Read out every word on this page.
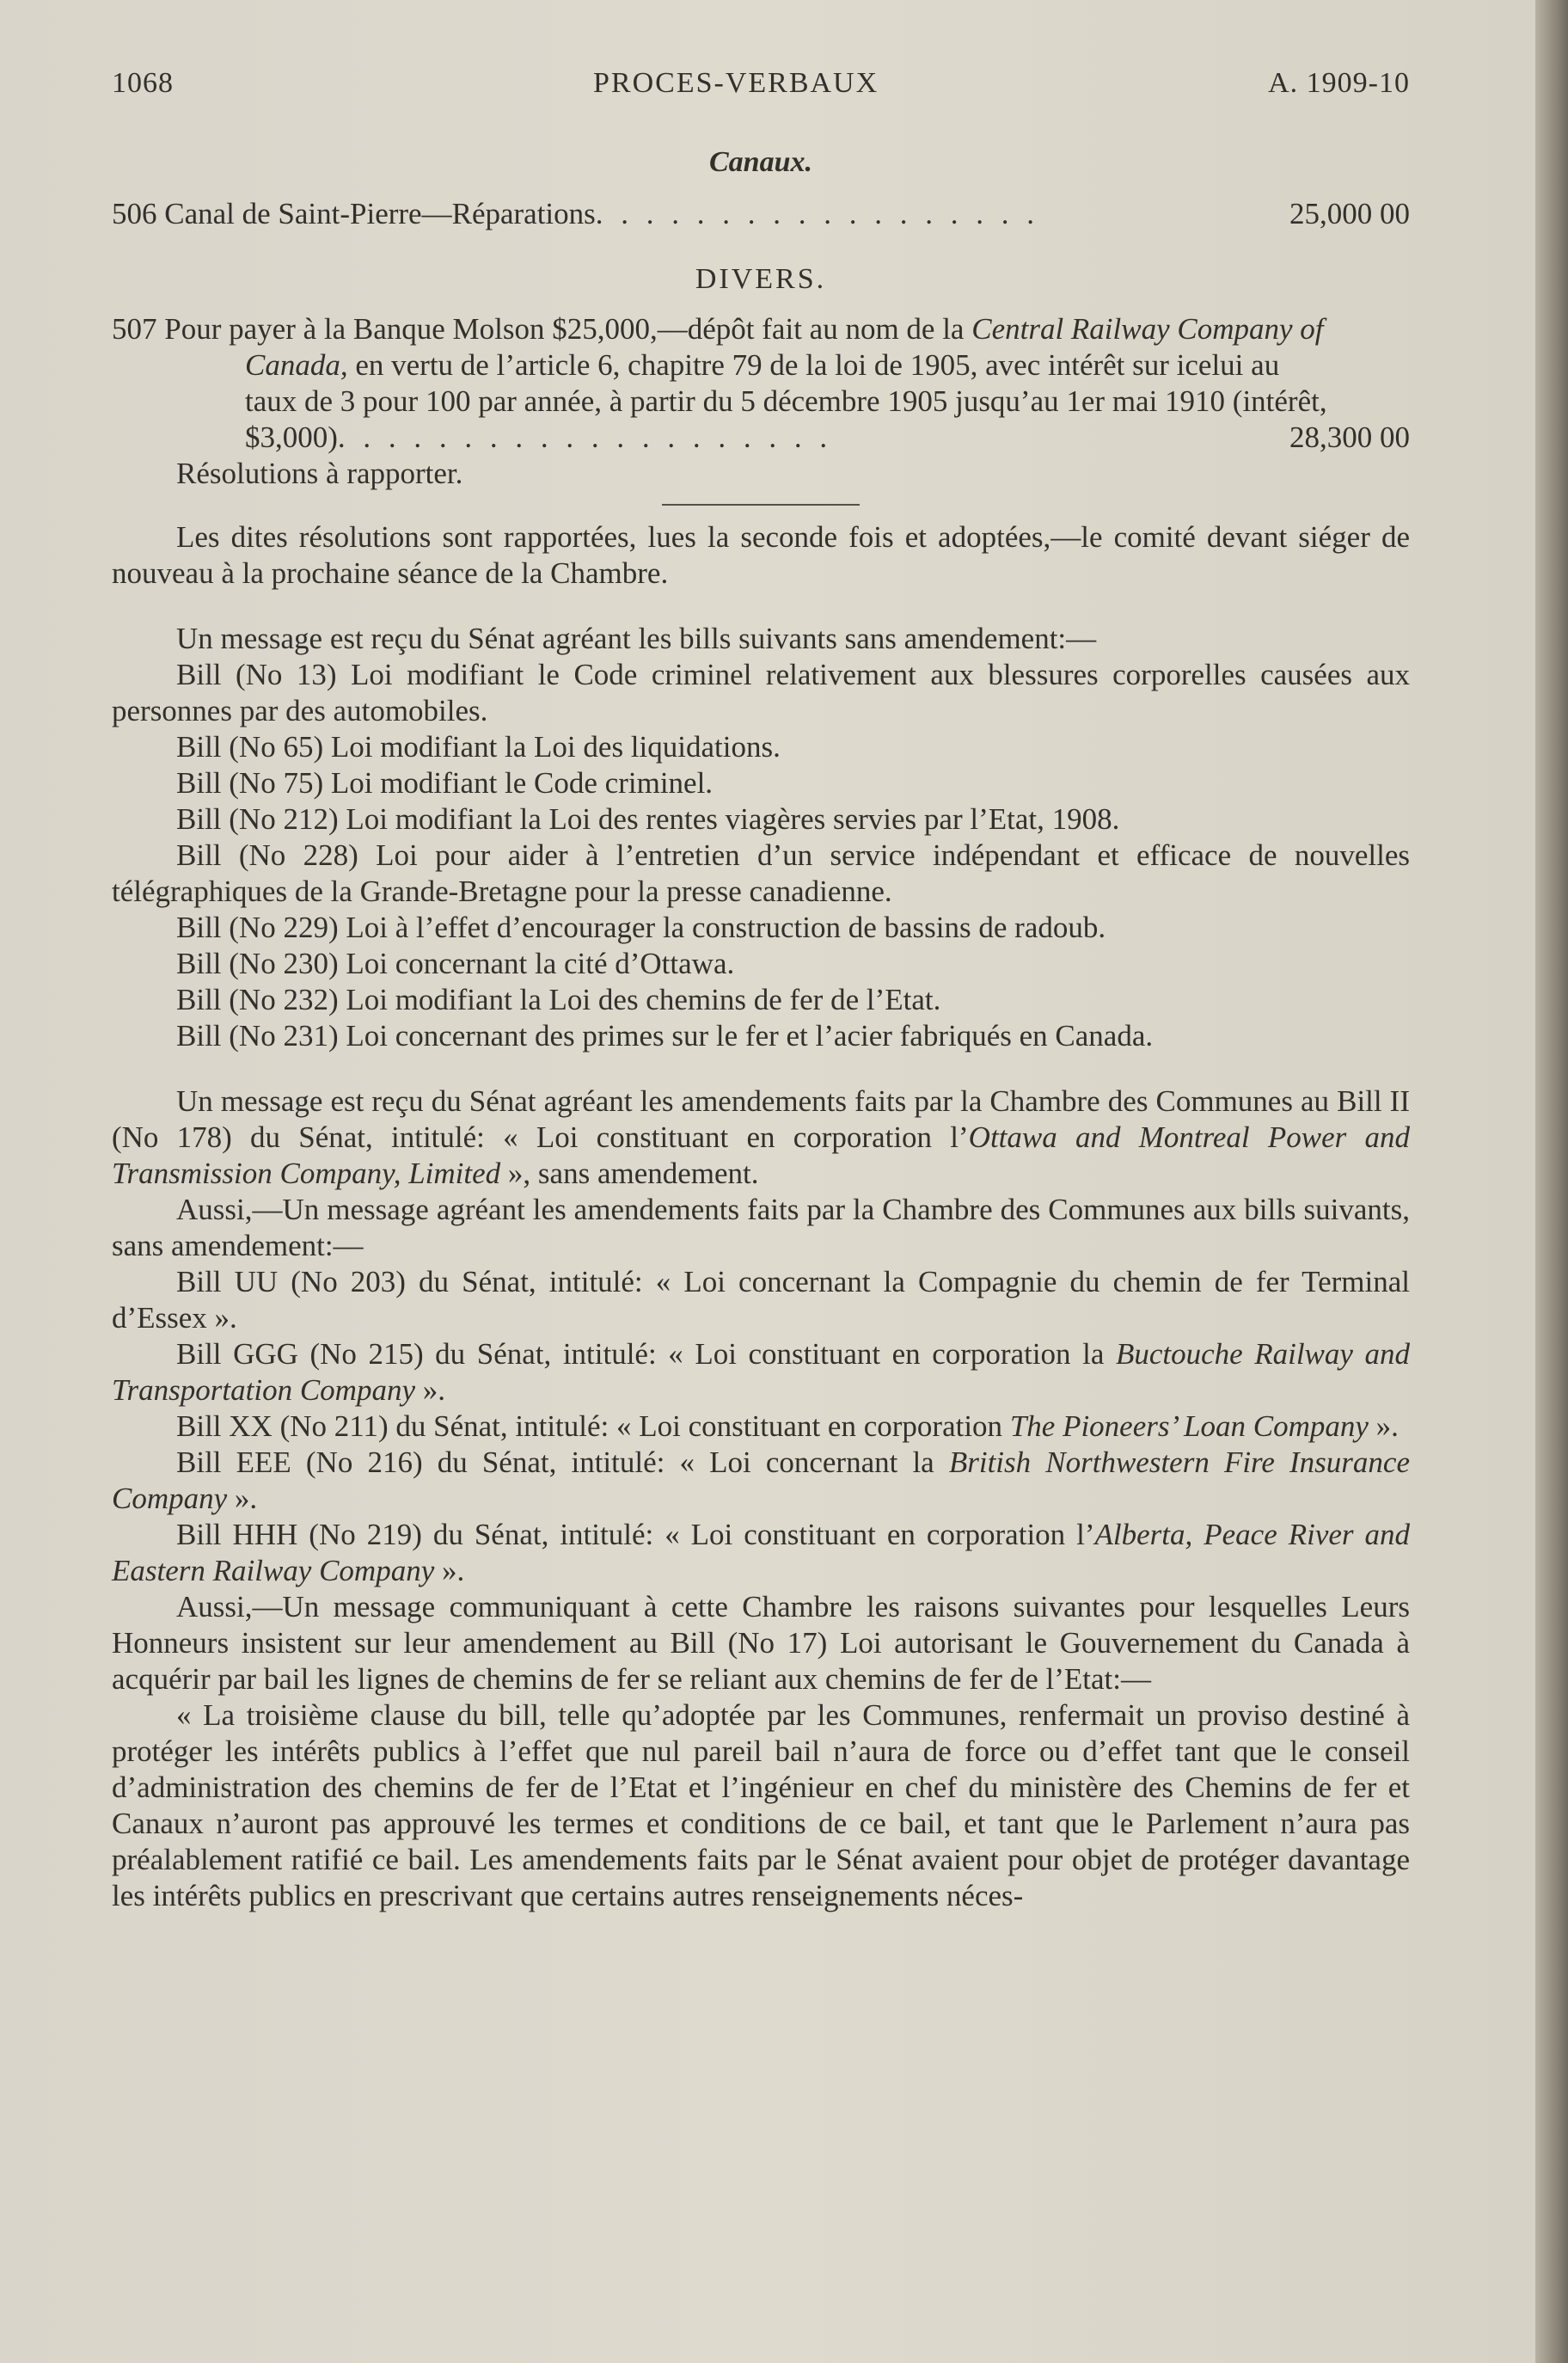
1068	PROCES-VERBAUX	A. 1909-10
Canaux.
506 Canal de Saint-Pierre—Réparations. . . . . . . . . . . . . . . . . .	25,000 00
DIVERS.
507 Pour payer à la Banque Molson $25,000,—dépôt fait au nom de la Central Railway Company of Canada, en vertu de l’article 6, chapitre 79 de la loi de 1905, avec intérêt sur icelui au taux de 3 pour 100 par année, à partir du 5 décembre 1905 jusqu’au 1er mai 1910 (intérêt, $3,000). . . . . . . . . . . . . . . . . . . .	28,300 00

Résolutions à rapporter.

Les dites résolutions sont rapportées, lues la seconde fois et adoptées,—le comité devant siéger de nouveau à la prochaine séance de la Chambre.

Un message est reçu du Sénat agréant les bills suivants sans amendement:—

Bill (No 13) Loi modifiant le Code criminel relativement aux blessures corporelles causées aux personnes par des automobiles.

Bill (No 65) Loi modifiant la Loi des liquidations.

Bill (No 75) Loi modifiant le Code criminel.

Bill (No 212) Loi modifiant la Loi des rentes viagères servies par l’Etat, 1908.

Bill (No 228) Loi pour aider à l’entretien d’un service indépendant et efficace de nouvelles télégraphiques de la Grande-Bretagne pour la presse canadienne.

Bill (No 229) Loi à l’effet d’encourager la construction de bassins de radoub.

Bill (No 230) Loi concernant la cité d’Ottawa.

Bill (No 232) Loi modifiant la Loi des chemins de fer de l’Etat.

Bill (No 231) Loi concernant des primes sur le fer et l’acier fabriqués en Canada.

Un message est reçu du Sénat agréant les amendements faits par la Chambre des Communes au Bill II (No 178) du Sénat, intitulé: « Loi constituant en corporation l’Ottawa and Montreal Power and Transmission Company, Limited », sans amendement.

Aussi,—Un message agréant les amendements faits par la Chambre des Communes aux bills suivants, sans amendement:—

Bill UU (No 203) du Sénat, intitulé: « Loi concernant la Compagnie du chemin de fer Terminal d’Essex ».

Bill GGG (No 215) du Sénat, intitulé: « Loi constituant en corporation la Buctouche Railway and Transportation Company ».

Bill XX (No 211) du Sénat, intitulé: « Loi constituant en corporation The Pioneers’ Loan Company ».

Bill EEE (No 216) du Sénat, intitulé: « Loi concernant la British Northwestern Fire Insurance Company ».

Bill HHH (No 219) du Sénat, intitulé: « Loi constituant en corporation l’Alberta, Peace River and Eastern Railway Company ».

Aussi,—Un message communiquant à cette Chambre les raisons suivantes pour lesquelles Leurs Honneurs insistent sur leur amendement au Bill (No 17) Loi autorisant le Gouvernement du Canada à acquérir par bail les lignes de chemins de fer se reliant aux chemins de fer de l’Etat:—

« La troisième clause du bill, telle qu’adoptée par les Communes, renfermait un proviso destiné à protéger les intérêts publics à l’effet que nul pareil bail n’aura de force ou d’effet tant que le conseil d’administration des chemins de fer de l’Etat et l’ingénieur en chef du ministère des Chemins de fer et Canaux n’auront pas approuvé les termes et conditions de ce bail, et tant que le Parlement n’aura pas préalablement ratifié ce bail. Les amendements faits par le Sénat avaient pour objet de protéger davantage les intérêts publics en prescrivant que certains autres renseignements néces-
